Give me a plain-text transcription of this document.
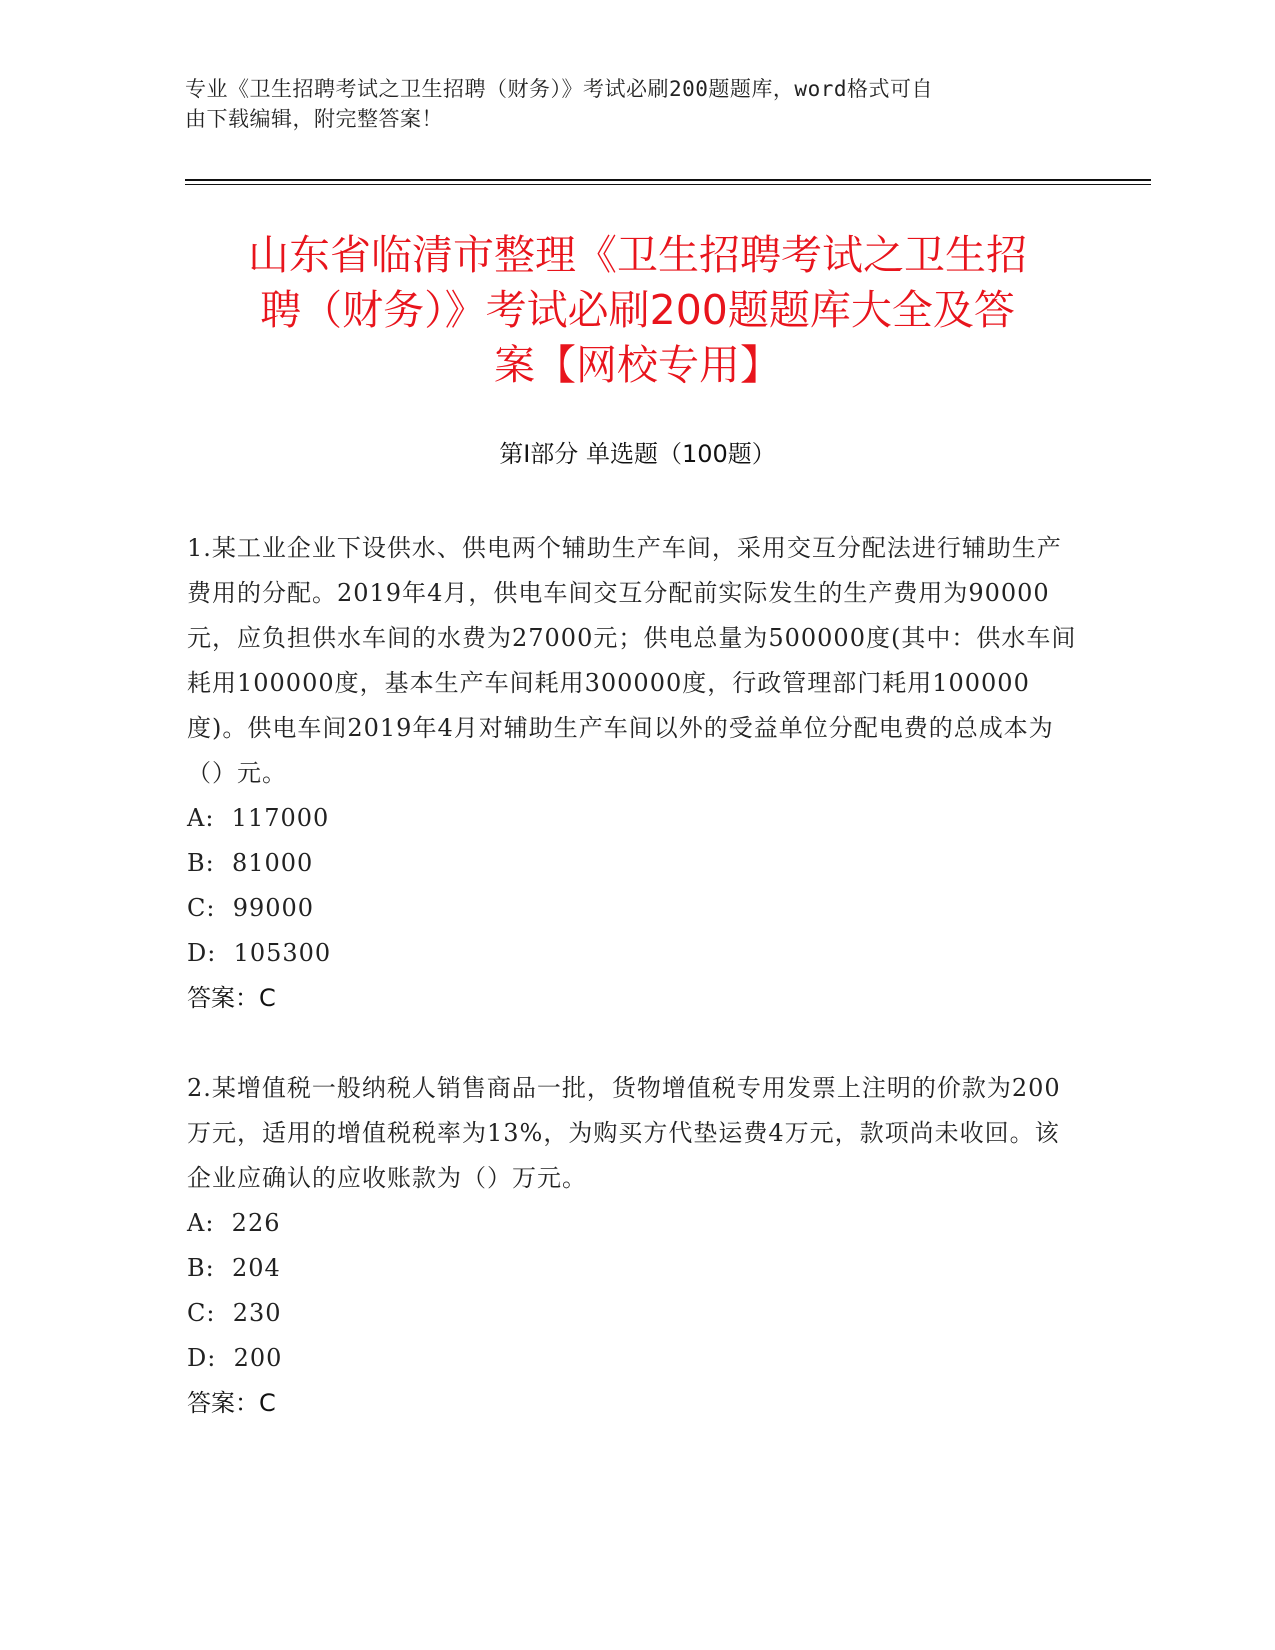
专业《卫生招聘考试之卫生招聘（财务）》考试必刷200题题库，word格式可自
由下载编辑，附完整答案！
山东省临清市整理《卫生招聘考试之卫生招
聘（财务）》考试必刷200题题库大全及答
案【网校专用】
第Ⅰ部分 单选题（100题）

1.某工业企业下设供水、供电两个辅助生产车间，采用交互分配法进行辅助生产费用的分配。2019年4月，供电车间交互分配前实际发生的生产费用为90000元，应负担供水车间的水费为27000元；供电总量为500000度(其中：供水车间耗用100000度，基本生产车间耗用300000度，行政管理部门耗用100000度)。供电车间2019年4月对辅助生产车间以外的受益单位分配电费的总成本为（）元。

A:  117000

B:  81000

C:  99000

D:  105300

答案：C

2.某增值税一般纳税人销售商品一批，货物增值税专用发票上注明的价款为200万元，适用的增值税税率为13%，为购买方代垫运费4万元，款项尚未收回。该企业应确认的应收账款为（）万元。

A:  226

B:  204

C:  230

D:  200

答案：C
